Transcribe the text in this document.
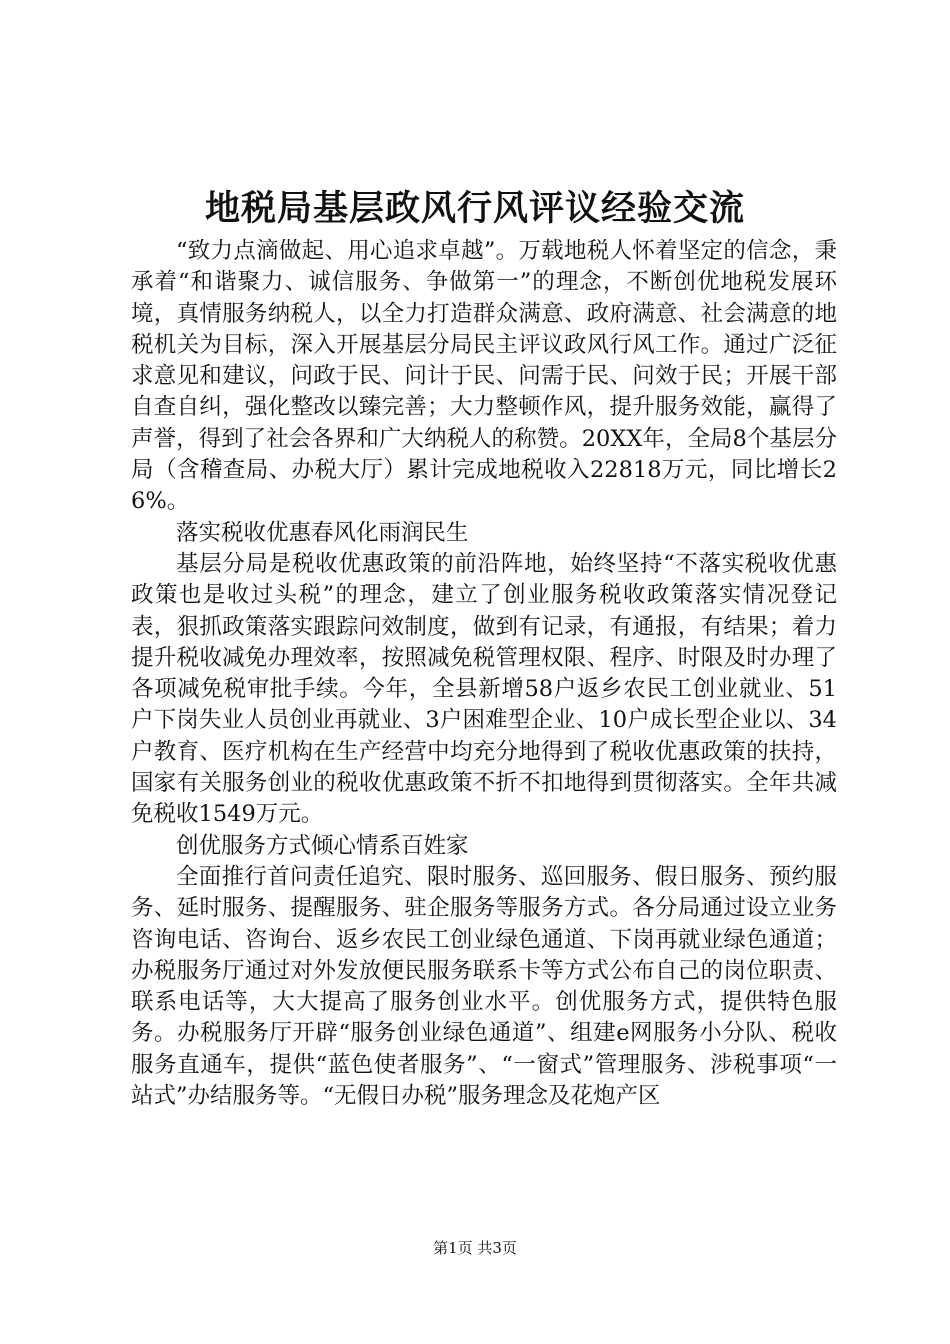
地税局基层政风行风评议经验交流

“致力点滴做起、用心追求卓越”。万载地税人怀着坚定的信念，秉承着“和谐聚力、诚信服务、争做第一”的理念，不断创优地税发展环境，真情服务纳税人，以全力打造群众满意、政府满意、社会满意的地税机关为目标，深入开展基层分局民主评议政风行风工作。通过广泛征求意见和建议，问政于民、问计于民、问需于民、问效于民；开展干部自查自纠，强化整改以臻完善；大力整顿作风，提升服务效能，赢得了声誉，得到了社会各界和广大纳税人的称赞。20XX年，全局8个基层分局（含稽查局、办税大厅）累计完成地税收入22818万元，同比增长26%。

落实税收优惠春风化雨润民生

基层分局是税收优惠政策的前沿阵地，始终坚持“不落实税收优惠政策也是收过头税”的理念，建立了创业服务税收政策落实情况登记表，狠抓政策落实跟踪问效制度，做到有记录，有通报，有结果；着力提升税收减免办理效率，按照减免税管理权限、程序、时限及时办理了各项减免税审批手续。今年，全县新增58户返乡农民工创业就业、51户下岗失业人员创业再就业、3户困难型企业、10户成长型企业以、34户教育、医疗机构在生产经营中均充分地得到了税收优惠政策的扶持，国家有关服务创业的税收优惠政策不折不扣地得到贯彻落实。全年共减免税收1549万元。

创优服务方式倾心情系百姓家

全面推行首问责任追究、限时服务、巡回服务、假日服务、预约服务、延时服务、提醒服务、驻企服务等服务方式。各分局通过设立业务咨询电话、咨询台、返乡农民工创业绿色通道、下岗再就业绿色通道；办税服务厅通过对外发放便民服务联系卡等方式公布自己的岗位职责、联系电话等，大大提高了服务创业水平。创优服务方式，提供特色服务。办税服务厅开辟“服务创业绿色通道”、组建e网服务小分队、税收服务直通车，提供“蓝色使者服务”、“一窗式”管理服务、涉税事项“一站式”办结服务等。“无假日办税”服务理念及花炮产区

第1页 共3页
